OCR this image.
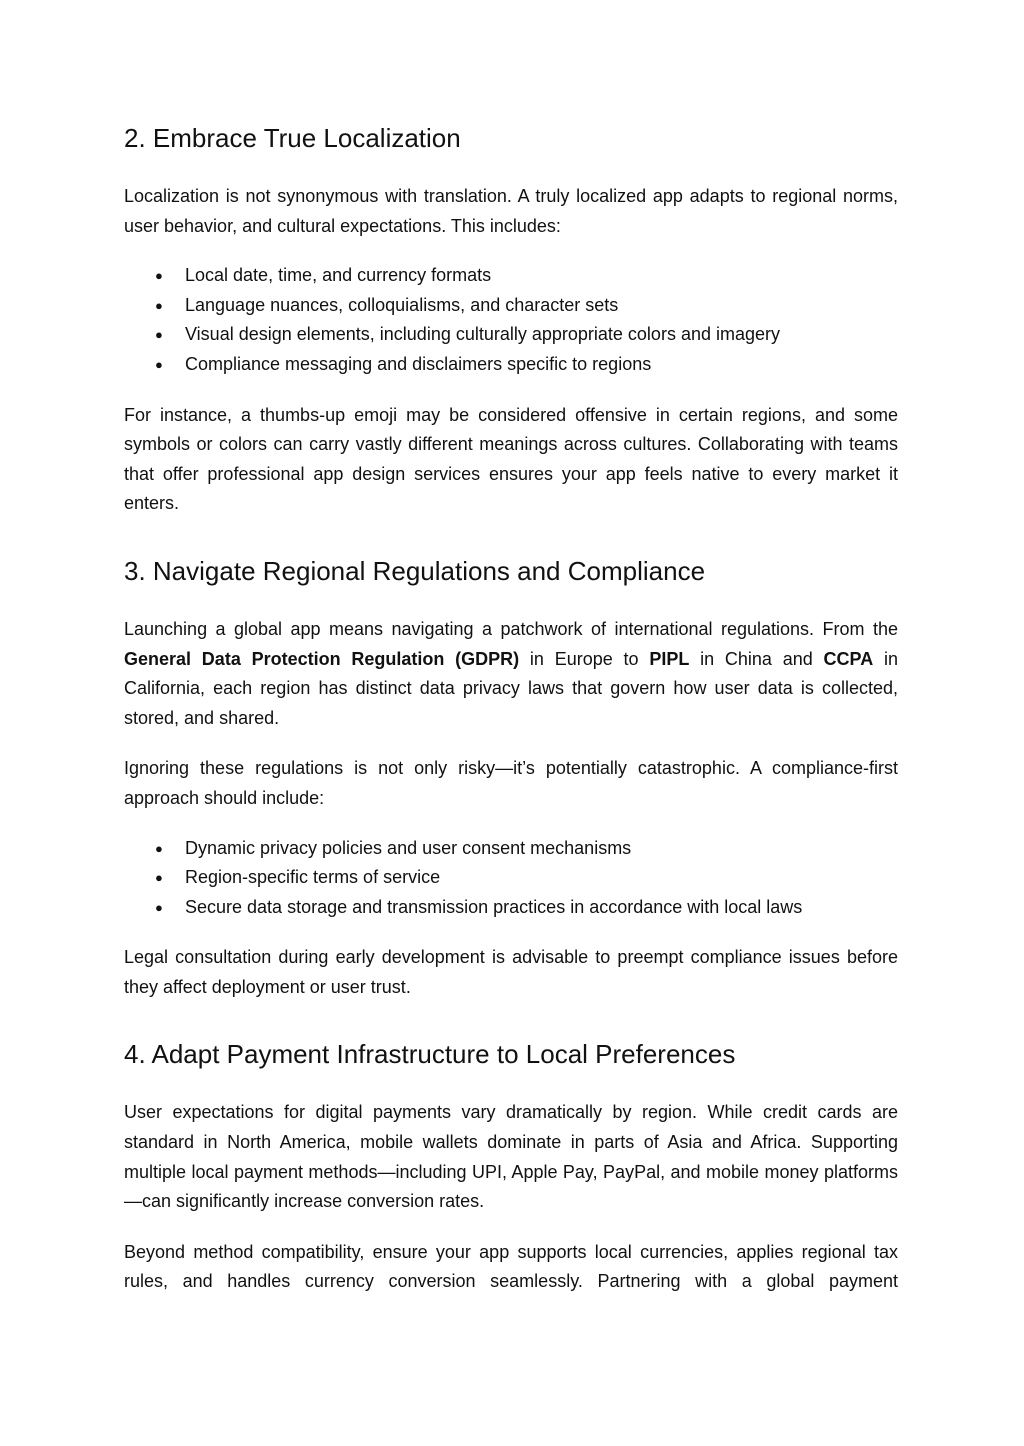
2. Embrace True Localization

Localization is not synonymous with translation. A truly localized app adapts to regional norms, user behavior, and cultural expectations. This includes:

● Local date, time, and currency formats
● Language nuances, colloquialisms, and character sets
● Visual design elements, including culturally appropriate colors and imagery
● Compliance messaging and disclaimers specific to regions

For instance, a thumbs-up emoji may be considered offensive in certain regions, and some symbols or colors can carry vastly different meanings across cultures. Collaborating with teams that offer professional app design services ensures your app feels native to every market it enters.

3. Navigate Regional Regulations and Compliance

Launching a global app means navigating a patchwork of international regulations. From the General Data Protection Regulation (GDPR) in Europe to PIPL in China and CCPA in California, each region has distinct data privacy laws that govern how user data is collected, stored, and shared.

Ignoring these regulations is not only risky—it’s potentially catastrophic. A compliance-first approach should include:

● Dynamic privacy policies and user consent mechanisms
● Region-specific terms of service
● Secure data storage and transmission practices in accordance with local laws

Legal consultation during early development is advisable to preempt compliance issues before they affect deployment or user trust.

4. Adapt Payment Infrastructure to Local Preferences

User expectations for digital payments vary dramatically by region. While credit cards are standard in North America, mobile wallets dominate in parts of Asia and Africa. Supporting multiple local payment methods—including UPI, Apple Pay, PayPal, and mobile money platforms—can significantly increase conversion rates.

Beyond method compatibility, ensure your app supports local currencies, applies regional tax rules, and handles currency conversion seamlessly. Partnering with a global payment
